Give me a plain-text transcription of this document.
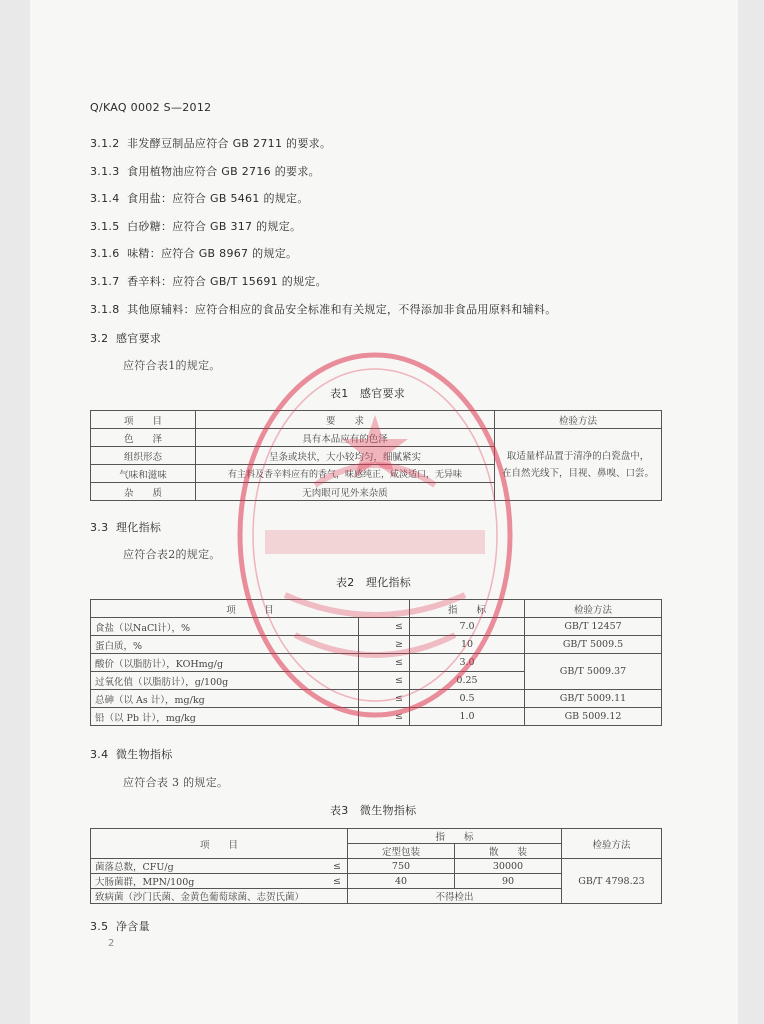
Q/KAQ 0002 S—2012
3.1.2 非发酵豆制品应符合 GB 2711 的要求。
3.1.3 食用植物油应符合 GB 2716 的要求。
3.1.4 食用盐：应符合 GB 5461 的规定。
3.1.5 白砂糖：应符合 GB 317 的规定。
3.1.6 味精：应符合 GB 8967 的规定。
3.1.7 香辛料：应符合 GB/T 15691 的规定。
3.1.8 其他原辅料：应符合相应的食品安全标准和有关规定，不得添加非食品用原料和辅料。
3.2 感官要求
应符合表1的规定。
表1　感官要求
项　　目	要　　求	检验方法
色　　泽	具有本品应有的色泽	取适量样品置于清净的白瓷盘中，
在自然光线下，目视、鼻嗅、口尝。

组织形态	呈条或块状，大小较均匀，细腻紧实	
气味和滋味	有主料及香辛料应有的香气，味感纯正，咸淡适口，无异味	
杂　　质	无肉眼可见外来杂质	
3.3 理化指标
应符合表2的规定。
表2　理化指标
项　　　目		指　　标	检验方法
食盐（以NaCl计），%	≤	7.0	GB/T 12457
蛋白质，%	≥	10	GB/T 5009.5
酸价（以脂肪计），KOHmg/g	≤	3.0	GB/T 5009.37
过氧化值（以脂肪计），g/100g	≤	0.25	
总砷（以 As 计），mg/kg	≤	0.5	GB/T 5009.11
铅（以 Pb 计），mg/kg	≤	1.0	GB 5009.12
3.4 微生物指标
应符合表 3 的规定。
表3　微生物指标
项　　目		指　　标		检验方法
		定型包装	散　　装	
菌落总数，CFU/g	≤	750	30000	GB/T 4798.23
大肠菌群，MPN/100g	≤	40	90	
致病菌（沙门氏菌、金黄色葡萄球菌、志贺氏菌）		不得检出		
3.5 净含量
2
